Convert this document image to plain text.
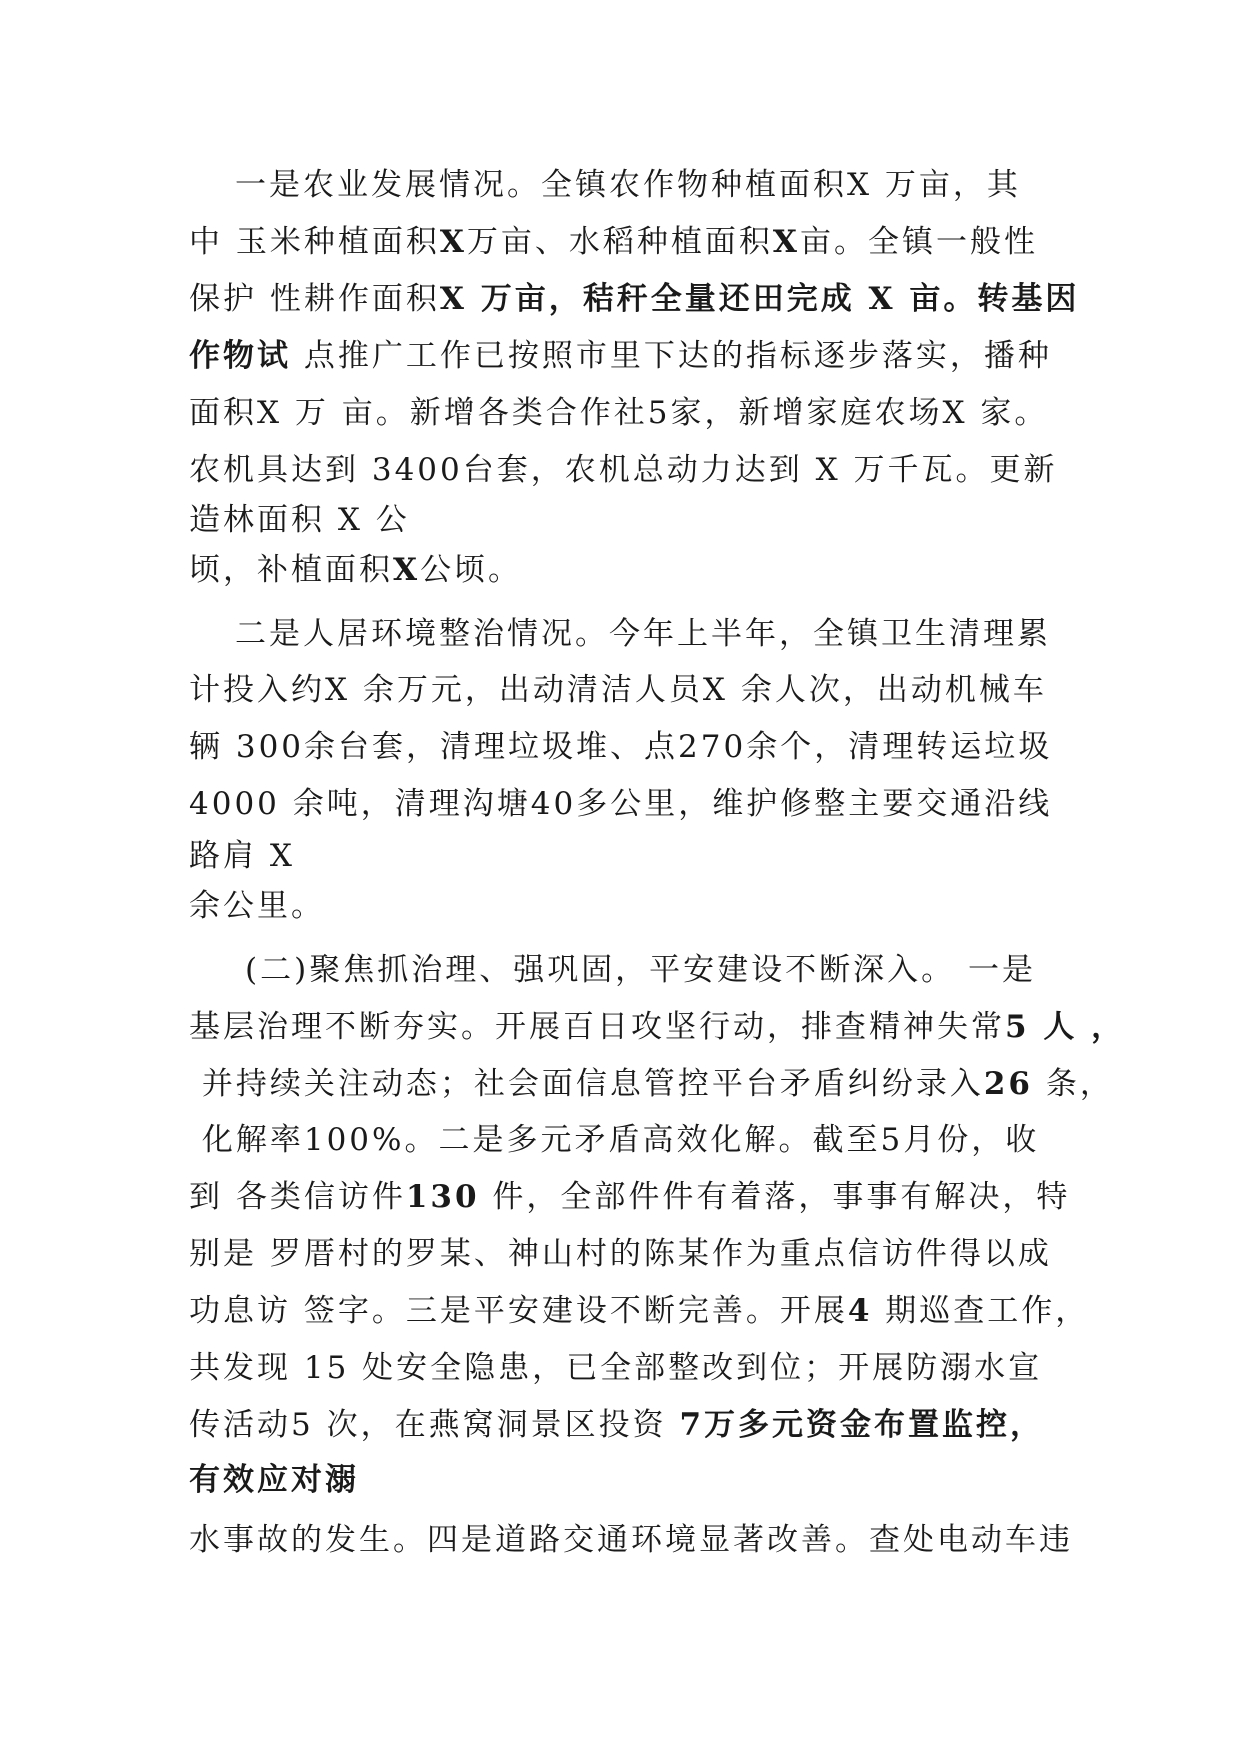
一是农业发展情况。全镇农作物种植面积X 万亩，其
中 玉米种植面积X万亩、水稻种植面积X亩。全镇一般性
保护 性耕作面积X 万亩，秸秆全量还田完成 X 亩。转基因
作物试 点推广工作已按照市里下达的指标逐步落实，播种
面积X 万 亩。新增各类合作社5家，新增家庭农场X 家。
农机具达到 3400台套，农机总动力达到 X 万千瓦。更新
造林面积 X 公
顷，补植面积X公顷。
二是人居环境整治情况。今年上半年，全镇卫生清理累
计投入约X 余万元，出动清洁人员X 余人次，出动机械车
辆 300余台套，清理垃圾堆、点270余个，清理转运垃圾
4000 余吨，清理沟塘40多公里，维护修整主要交通沿线
路肩 X
余公里。
(二)聚焦抓治理、强巩固，平安建设不断深入。 一是
基层治理不断夯实。开展百日攻坚行动，排查精神失常5 人 ，
并持续关注动态；社会面信息管控平台矛盾纠纷录入26 条，
化解率100%。二是多元矛盾高效化解。截至5月份，收
到 各类信访件130 件，全部件件有着落，事事有解决，特
别是 罗厝村的罗某、神山村的陈某作为重点信访件得以成
功息访 签字。三是平安建设不断完善。开展4 期巡查工作，
共发现 15 处安全隐患，已全部整改到位；开展防溺水宣
传活动5 次，在燕窝洞景区投资 7万多元资金布置监控，
有效应对溺
水事故的发生。四是道路交通环境显著改善。查处电动车违
